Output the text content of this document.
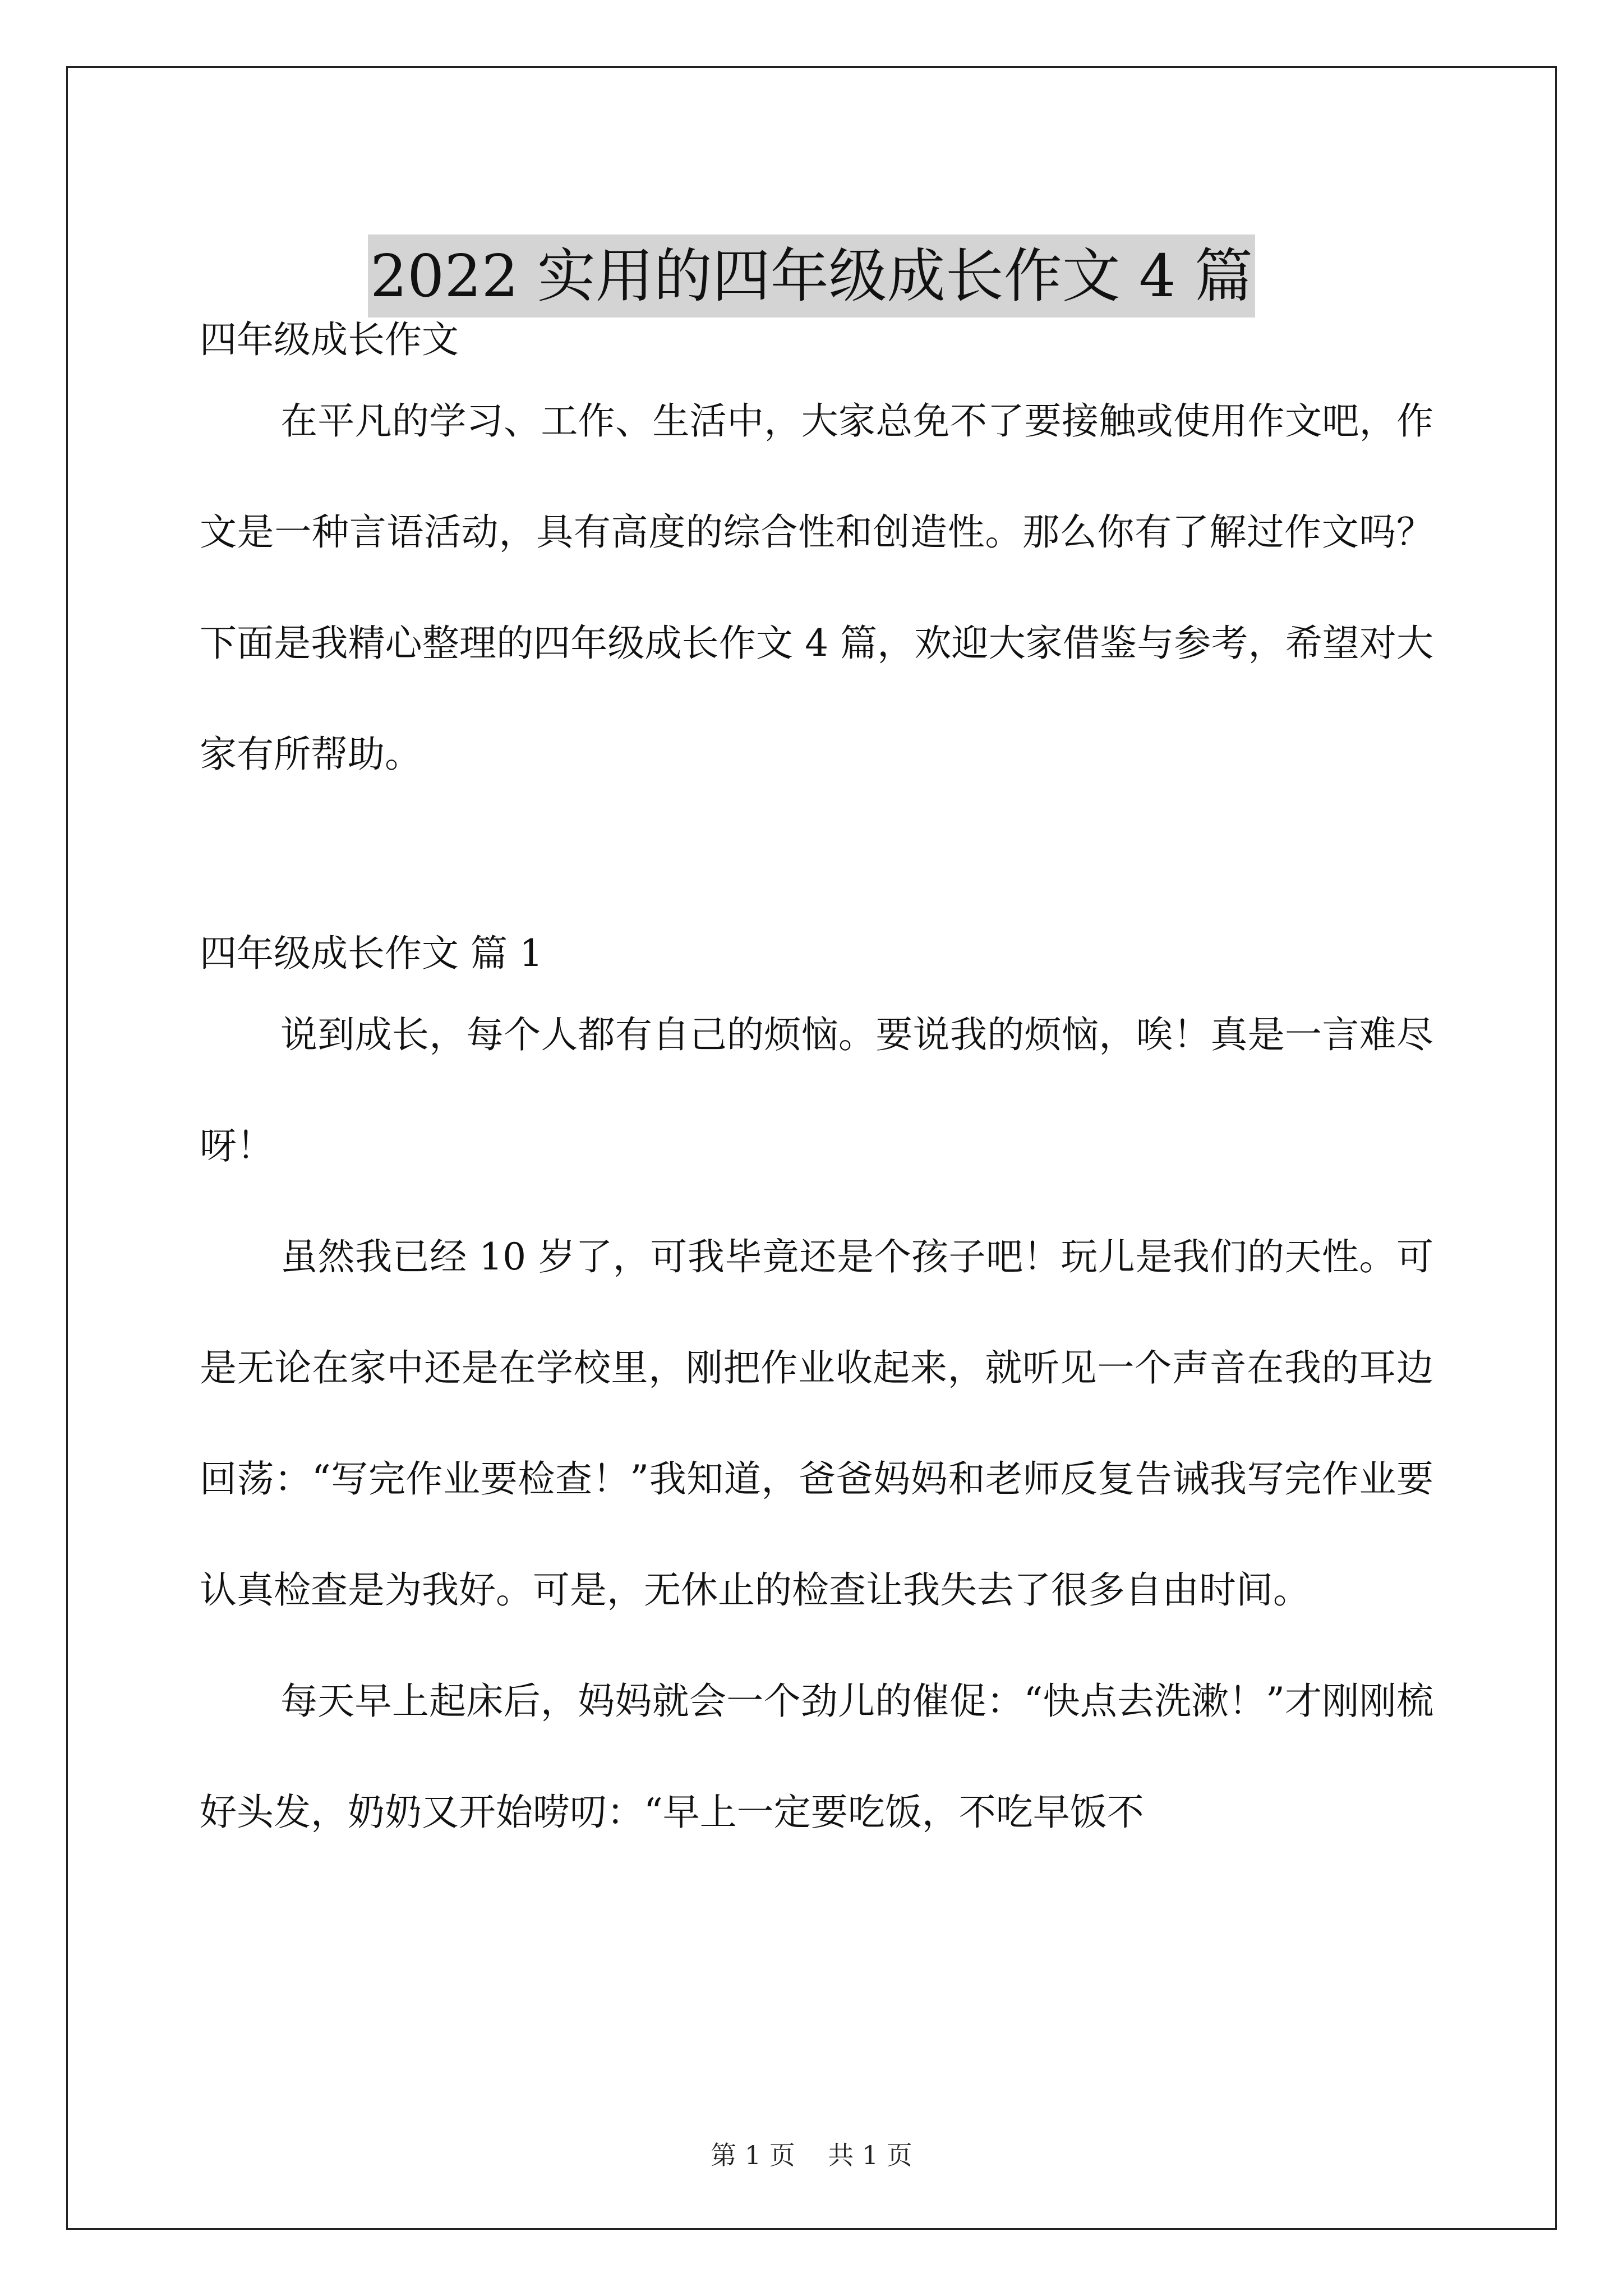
2022 实用的四年级成长作文 4 篇

四年级成长作文

在平凡的学习、工作、生活中，大家总免不了要接触或使用作文吧，作文是一种言语活动，具有高度的综合性和创造性。那么你有了解过作文吗？下面是我精心整理的四年级成长作文 4 篇，欢迎大家借鉴与参考，希望对大家有所帮助。

四年级成长作文 篇 1

说到成长，每个人都有自己的烦恼。要说我的烦恼，唉！真是一言难尽呀！

虽然我已经 10 岁了，可我毕竟还是个孩子吧！玩儿是我们的天性。可是无论在家中还是在学校里，刚把作业收起来，就听见一个声音在我的耳边回荡：“写完作业要检查！”我知道，爸爸妈妈和老师反复告诫我写完作业要认真检查是为我好。可是，无休止的检查让我失去了很多自由时间。

每天早上起床后，妈妈就会一个劲儿的催促：“快点去洗漱！”才刚刚梳好头发，奶奶又开始唠叨：“早上一定要吃饭，不吃早饭不

第 1 页 共 1 页
